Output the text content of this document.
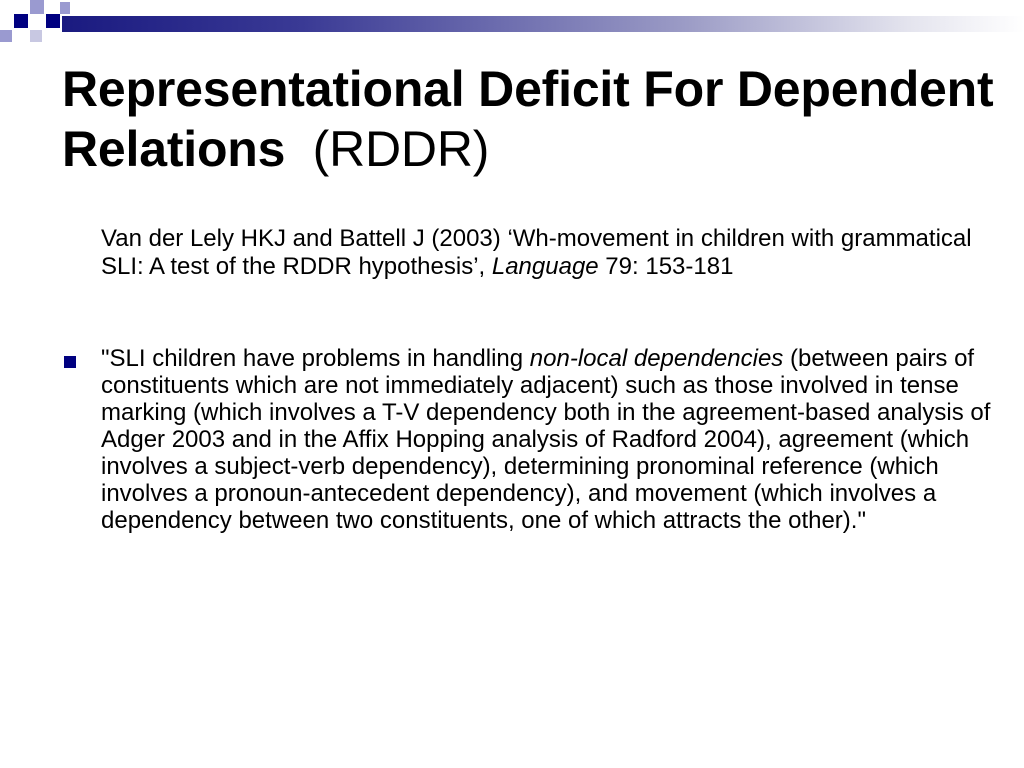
Representational Deficit For Dependent Relations (RDDR)

Van der Lely HKJ and Battell J (2003) ‘Wh-movement in children with grammatical SLI: A test of the RDDR hypothesis’, Language 79: 153-181

"SLI children have problems in handling non-local dependencies (between pairs of constituents which are not immediately adjacent) such as those involved in tense marking (which involves a T-V dependency both in the agreement-based analysis of Adger 2003 and in the Affix Hopping analysis of Radford 2004), agreement (which involves a subject-verb dependency), determining pronominal reference (which involves a pronoun-antecedent dependency), and movement (which involves a dependency between two constituents, one of which attracts the other)."
